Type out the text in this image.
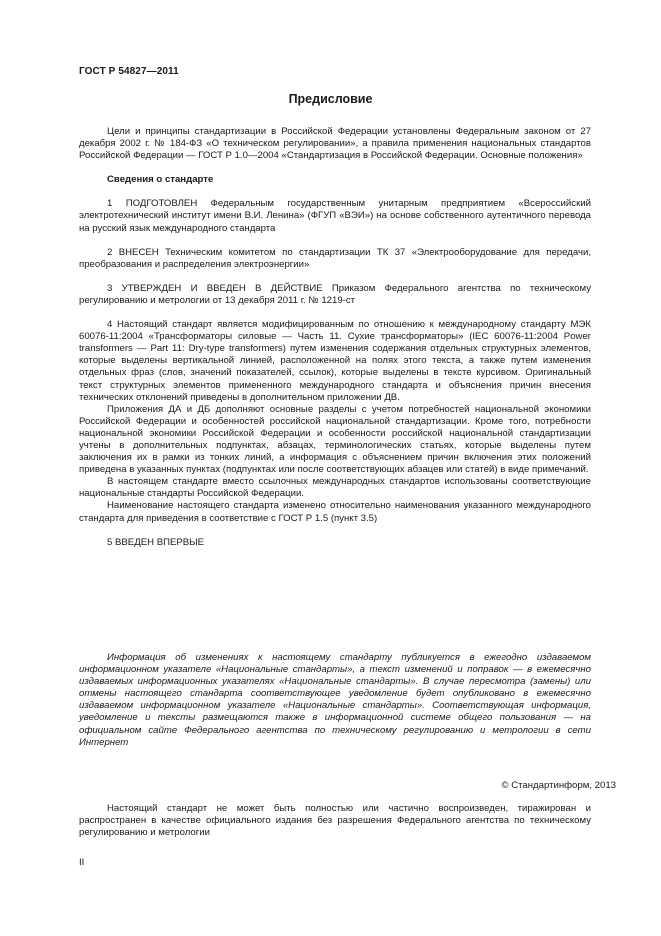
ГОСТ Р 54827—2011
Предисловие

Цели и принципы стандартизации в Российской Федерации установлены Федеральным законом от 27 декабря 2002 г. № 184-ФЗ «О техническом регулировании», а правила применения национальных стандартов Российской Федерации — ГОСТ Р 1.0—2004 «Стандартизация в Российской Федерации. Основные положения»

Сведения о стандарте

1 ПОДГОТОВЛЕН Федеральным государственным унитарным предприятием «Всероссийский электротехнический институт имени В.И. Ленина» (ФГУП «ВЭИ») на основе собственного аутентичного перевода на русский язык международного стандарта

2 ВНЕСЕН Техническим комитетом по стандартизации ТК 37 «Электрооборудование для передачи, преобразования и распределения электроэнергии»

3 УТВЕРЖДЕН И ВВЕДЕН В ДЕЙСТВИЕ Приказом Федерального агентства по техническому регулированию и метрологии от 13 декабря 2011 г. № 1219-ст

4 Настоящий стандарт является модифицированным по отношению к международному стандарту МЭК 60076-11:2004 «Трансформаторы силовые — Часть 11. Сухие трансформаторы» (IEC 60076-11:2004 Power transformers — Part 11: Dry-type transformers) путем изменения содержания отдельных структурных элементов, которые выделены вертикальной линией, расположенной на полях этого текста, а также путем изменения отдельных фраз (слов, значений показателей, ссылок), которые выделены в тексте курсивом. Оригинальный текст структурных элементов примененного международного стандарта и объяснения причин внесения технических отклонений приведены в дополнительном приложении ДВ.

Приложения ДА и ДБ дополняют основные разделы с учетом потребностей национальной экономики Российской Федерации и особенностей российской национальной стандартизации. Кроме того, потребности национальной экономики Российской Федерации и особенности российской национальной стандартизации учтены в дополнительных подпунктах, абзацах, терминологических статьях, которые выделены путем заключения их в рамки из тонких линий, а информация с объяснением причин включения этих положений приведена в указанных пунктах (подпунктах или после соответствующих абзацев или статей) в виде примечаний.

В настоящем стандарте вместо ссылочных международных стандартов использованы соответствующие национальные стандарты Российской Федерации.

Наименование настоящего стандарта изменено относительно наименования указанного международного стандарта для приведения в соответствие с ГОСТ Р 1.5 (пункт 3.5)

5 ВВЕДЕН ВПЕРВЫЕ

Информация об изменениях к настоящему стандарту публикуется в ежегодно издаваемом информационном указателе «Национальные стандарты», а текст изменений и поправок — в ежемесячно издаваемых информационных указателях «Национальные стандарты». В случае пересмотра (замены) или отмены настоящего стандарта соответствующее уведомление будет опубликовано в ежемесячно издаваемом информационном указателе «Национальные стандарты». Соответствующая информация, уведомление и тексты размещаются также в информационной системе общего пользования — на официальном сайте Федерального агентства по техническому регулированию и метрологии в сети Интернет
© Стандартинформ, 2013
Настоящий стандарт не может быть полностью или частично воспроизведен, тиражирован и распространен в качестве официального издания без разрешения Федерального агентства по техническому регулированию и метрологии
II
